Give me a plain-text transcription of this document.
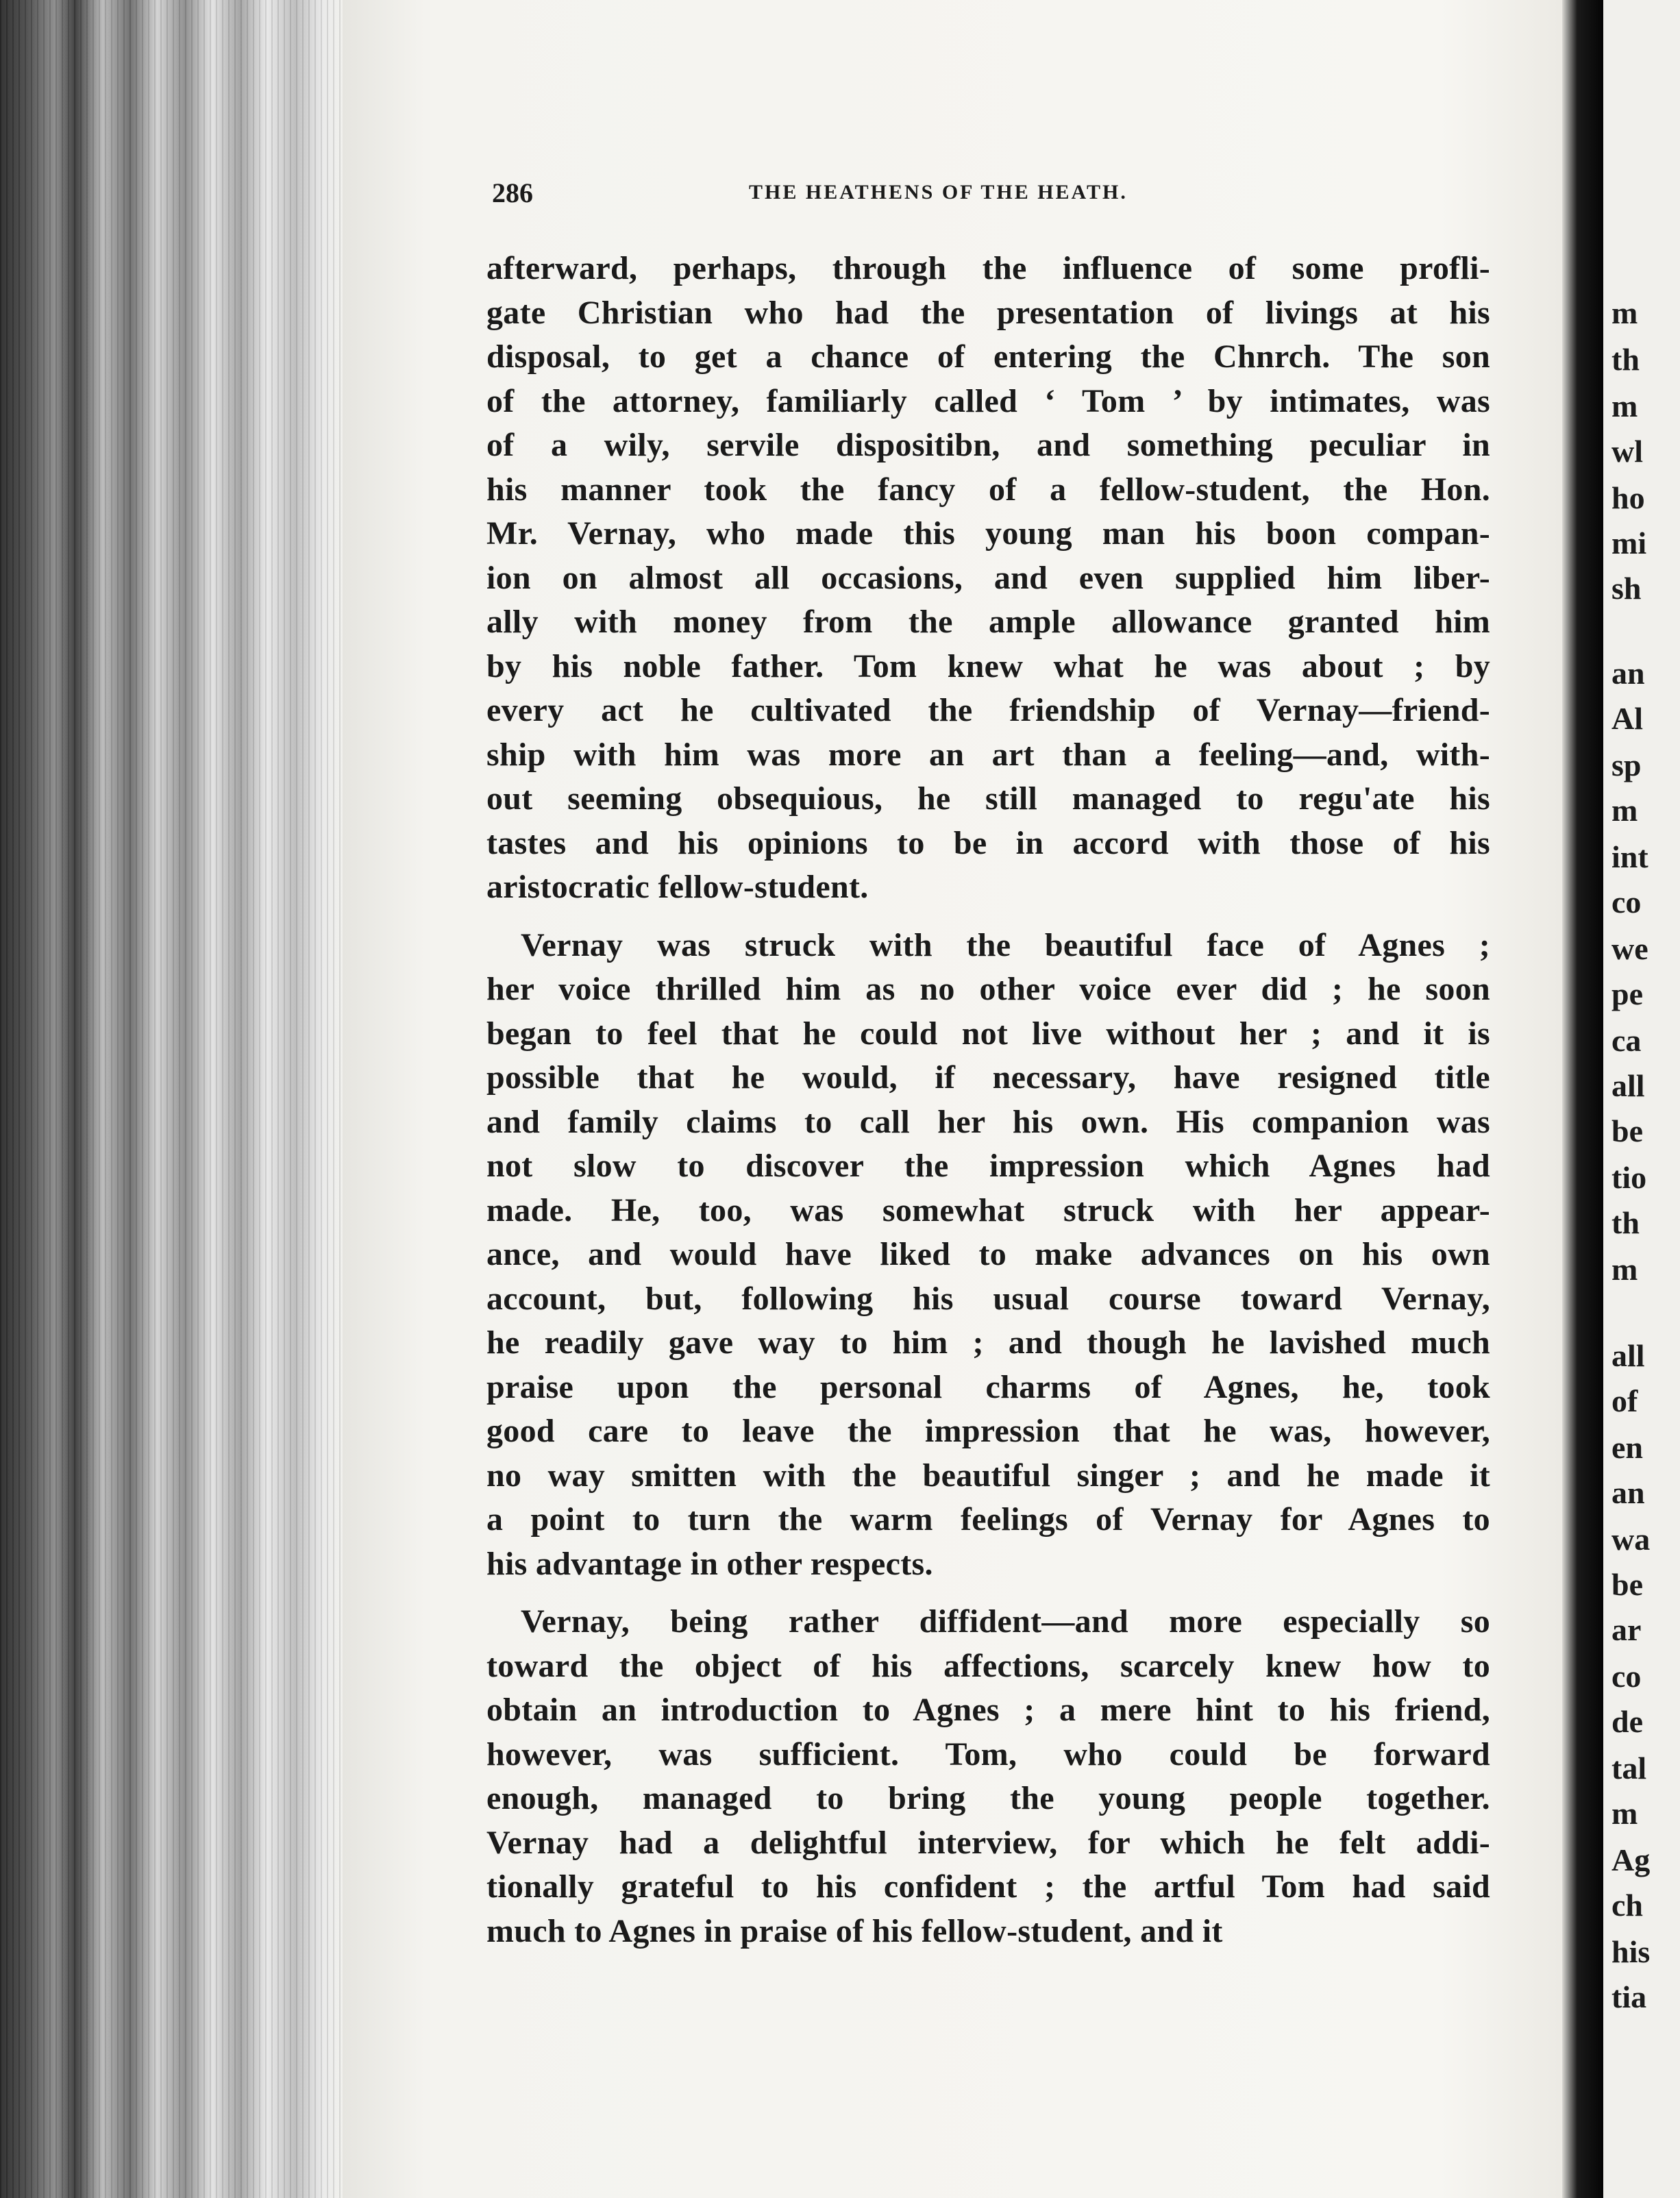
286	THE HEATHENS OF THE HEATH.
afterward, perhaps, through the influence of some profli-
gate Christian who had the presentation of livings at his
disposal, to get a chance of entering the Chnrch. The son
of the attorney, familiarly called ‘ Tom ’ by intimates, was
of a wily, servile dispositibn, and something peculiar in
his manner took the fancy of a fellow-student, the Hon.
Mr. Vernay, who made this young man his boon compan-
ion on almost all occasions, and even supplied him liber-
ally with money from the ample allowance granted him
by his noble father. Tom knew what he was about ; by
every act he cultivated the friendship of Vernay—friend-
ship with him was more an art than a feeling—and, with-
out seeming obsequious, he still managed to regu'ate his
tastes and his opinions to be in accord with those of his
aristocratic fellow-student.
Vernay was struck with the beautiful face of Agnes ;
her voice thrilled him as no other voice ever did ; he soon
began to feel that he could not live without her ; and it is
possible that he would, if necessary, have resigned title
and family claims to call her his own. His companion was
not slow to discover the impression which Agnes had
made. He, too, was somewhat struck with her appear-
ance, and would have liked to make advances on his own
account, but, following his usual course toward Vernay,
he readily gave way to him ; and though he lavished much
praise upon the personal charms of Agnes, he, took
good care to leave the impression that he was, however,
no way smitten with the beautiful singer ; and he made it
a point to turn the warm feelings of Vernay for Agnes to
his advantage in other respects.
Vernay, being rather diffident—and more especially so
toward the object of his affections, scarcely knew how to
obtain an introduction to Agnes ; a mere hint to his friend,
however, was sufficient. Tom, who could be forward
enough, managed to bring the young people together.
Vernay had a delightful interview, for which he felt addi-
tionally grateful to his confident ; the artful Tom had said
much to Agnes in praise of his fellow-student, and it
m
th
m
wl
ho
mi
sh
an
Al
sp
m
int
co
we
pe
ca
all
be
tio
th
m
all
of
en
an
wa
be
ar
co
de
tal
m
Ag
ch
his
tia
